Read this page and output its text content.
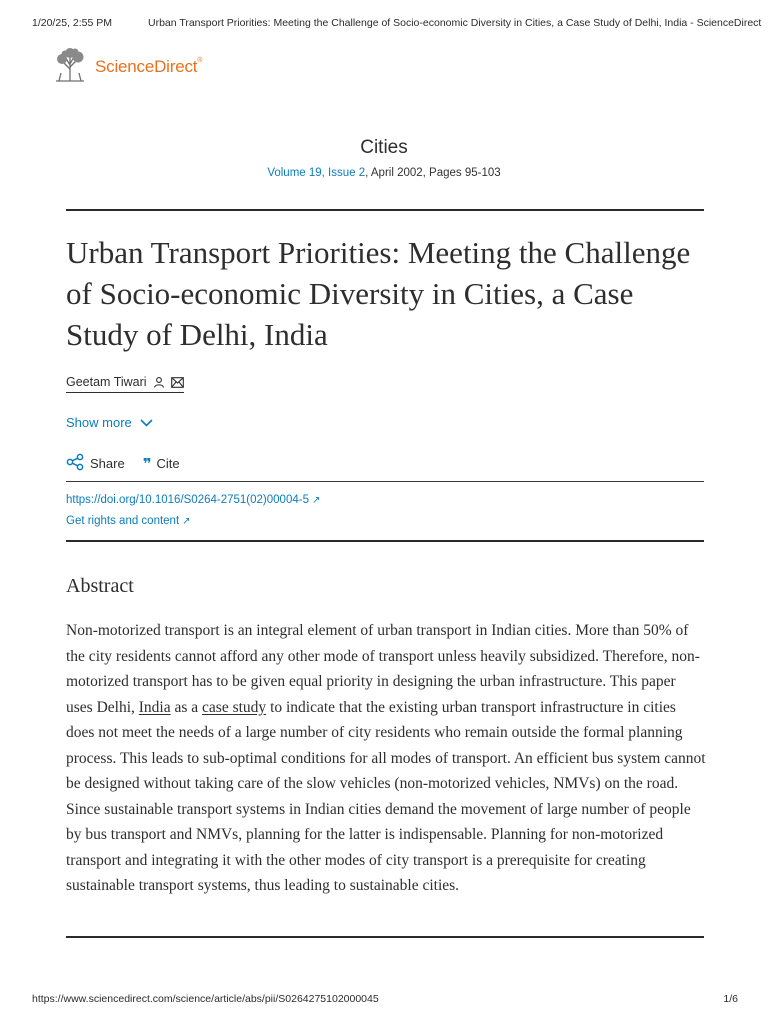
1/20/25, 2:55 PM	Urban Transport Priorities: Meeting the Challenge of Socio-economic Diversity in Cities, a Case Study of Delhi, India - ScienceDirect
ScienceDirect®
Cities
Volume 19, Issue 2, April 2002, Pages 95-103
Urban Transport Priorities: Meeting the Challenge of Socio-economic Diversity in Cities, a Case Study of Delhi, India
Geetam Tiwari
Show more
Share ❞ Cite
https://doi.org/10.1016/S0264-2751(02)00004-5 ↗
Get rights and content ↗
Abstract

Non-motorized transport is an integral element of urban transport in Indian cities. More than 50% of the city residents cannot afford any other mode of transport unless heavily subsidized. Therefore, non-motorized transport has to be given equal priority in designing the urban infrastructure. This paper uses Delhi, India as a case study to indicate that the existing urban transport infrastructure in cities does not meet the needs of a large number of city residents who remain outside the formal planning process. This leads to sub-optimal conditions for all modes of transport. An efficient bus system cannot be designed without taking care of the slow vehicles (non-motorized vehicles, NMVs) on the road. Since sustainable transport systems in Indian cities demand the movement of large number of people by bus transport and NMVs, planning for the latter is indispensable. Planning for non-motorized transport and integrating it with the other modes of city transport is a prerequisite for creating sustainable transport systems, thus leading to sustainable cities.

https://www.sciencedirect.com/science/article/abs/pii/S0264275102000045	1/6
